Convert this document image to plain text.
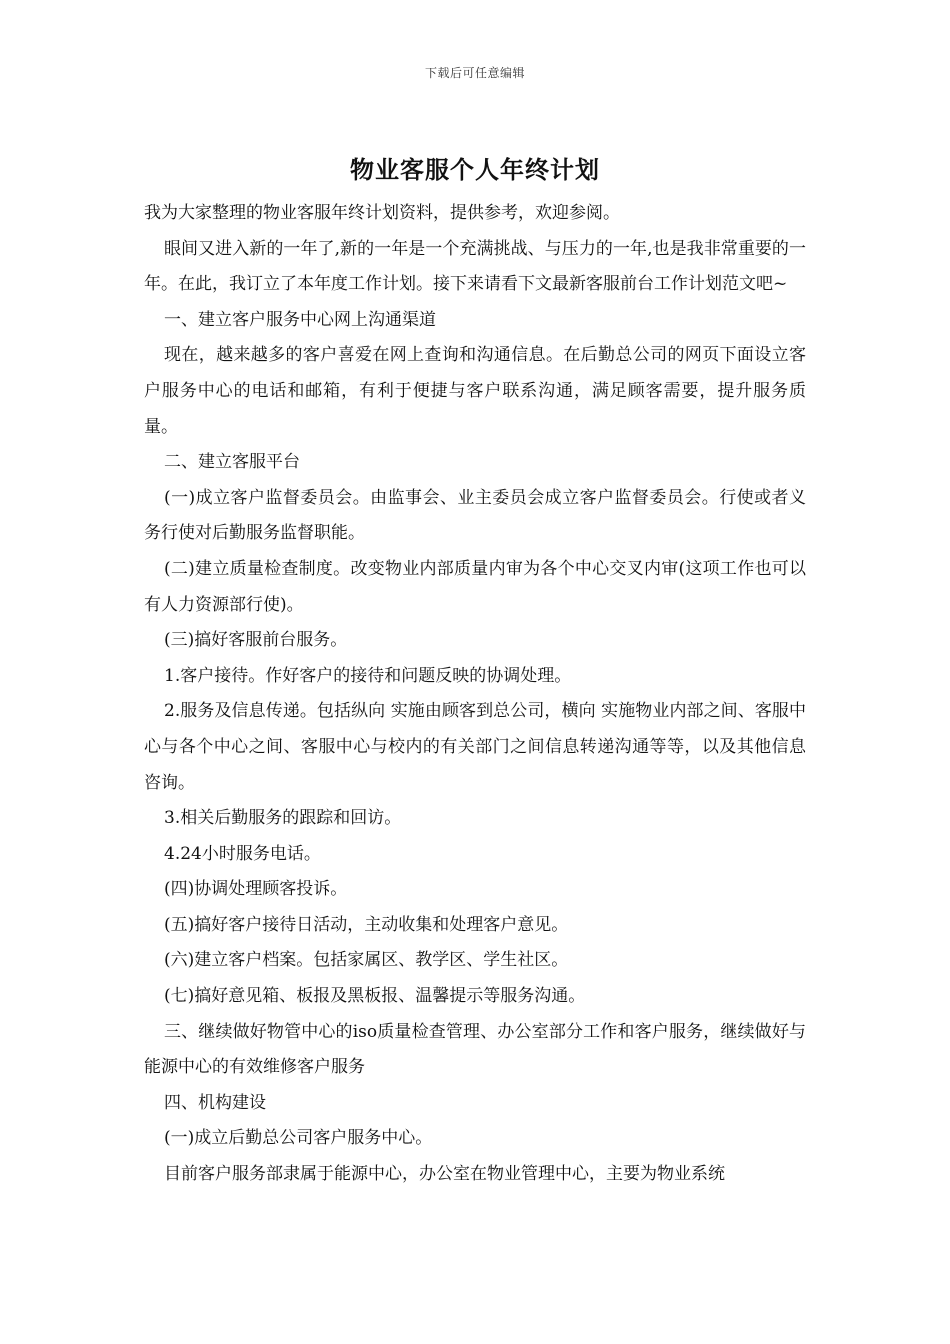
下载后可任意编辑
物业客服个人年终计划

我为大家整理的物业客服年终计划资料，提供参考，欢迎参阅。

眼间又进入新的一年了,新的一年是一个充满挑战、与压力的一年,也是我非常重要的一年。在此，我订立了本年度工作计划。接下来请看下文最新客服前台工作计划范文吧~

一、建立客户服务中心网上沟通渠道

现在，越来越多的客户喜爱在网上查询和沟通信息。在后勤总公司的网页下面设立客户服务中心的电话和邮箱，有利于便捷与客户联系沟通，满足顾客需要，提升服务质量。

二、建立客服平台

(一)成立客户监督委员会。由监事会、业主委员会成立客户监督委员会。行使或者义务行使对后勤服务监督职能。

(二)建立质量检查制度。改变物业内部质量内审为各个中心交叉内审(这项工作也可以有人力资源部行使)。

(三)搞好客服前台服务。

1.客户接待。作好客户的接待和问题反映的协调处理。

2.服务及信息传递。包括纵向 实施由顾客到总公司，横向 实施物业内部之间、客服中心与各个中心之间、客服中心与校内的有关部门之间信息转递沟通等等，以及其他信息咨询。

3.相关后勤服务的跟踪和回访。

4.24小时服务电话。

(四)协调处理顾客投诉。

(五)搞好客户接待日活动，主动收集和处理客户意见。

(六)建立客户档案。包括家属区、教学区、学生社区。

(七)搞好意见箱、板报及黑板报、温馨提示等服务沟通。

三、继续做好物管中心的iso质量检查管理、办公室部分工作和客户服务，继续做好与能源中心的有效维修客户服务

四、机构建设

(一)成立后勤总公司客户服务中心。

目前客户服务部隶属于能源中心，办公室在物业管理中心，主要为物业系统
